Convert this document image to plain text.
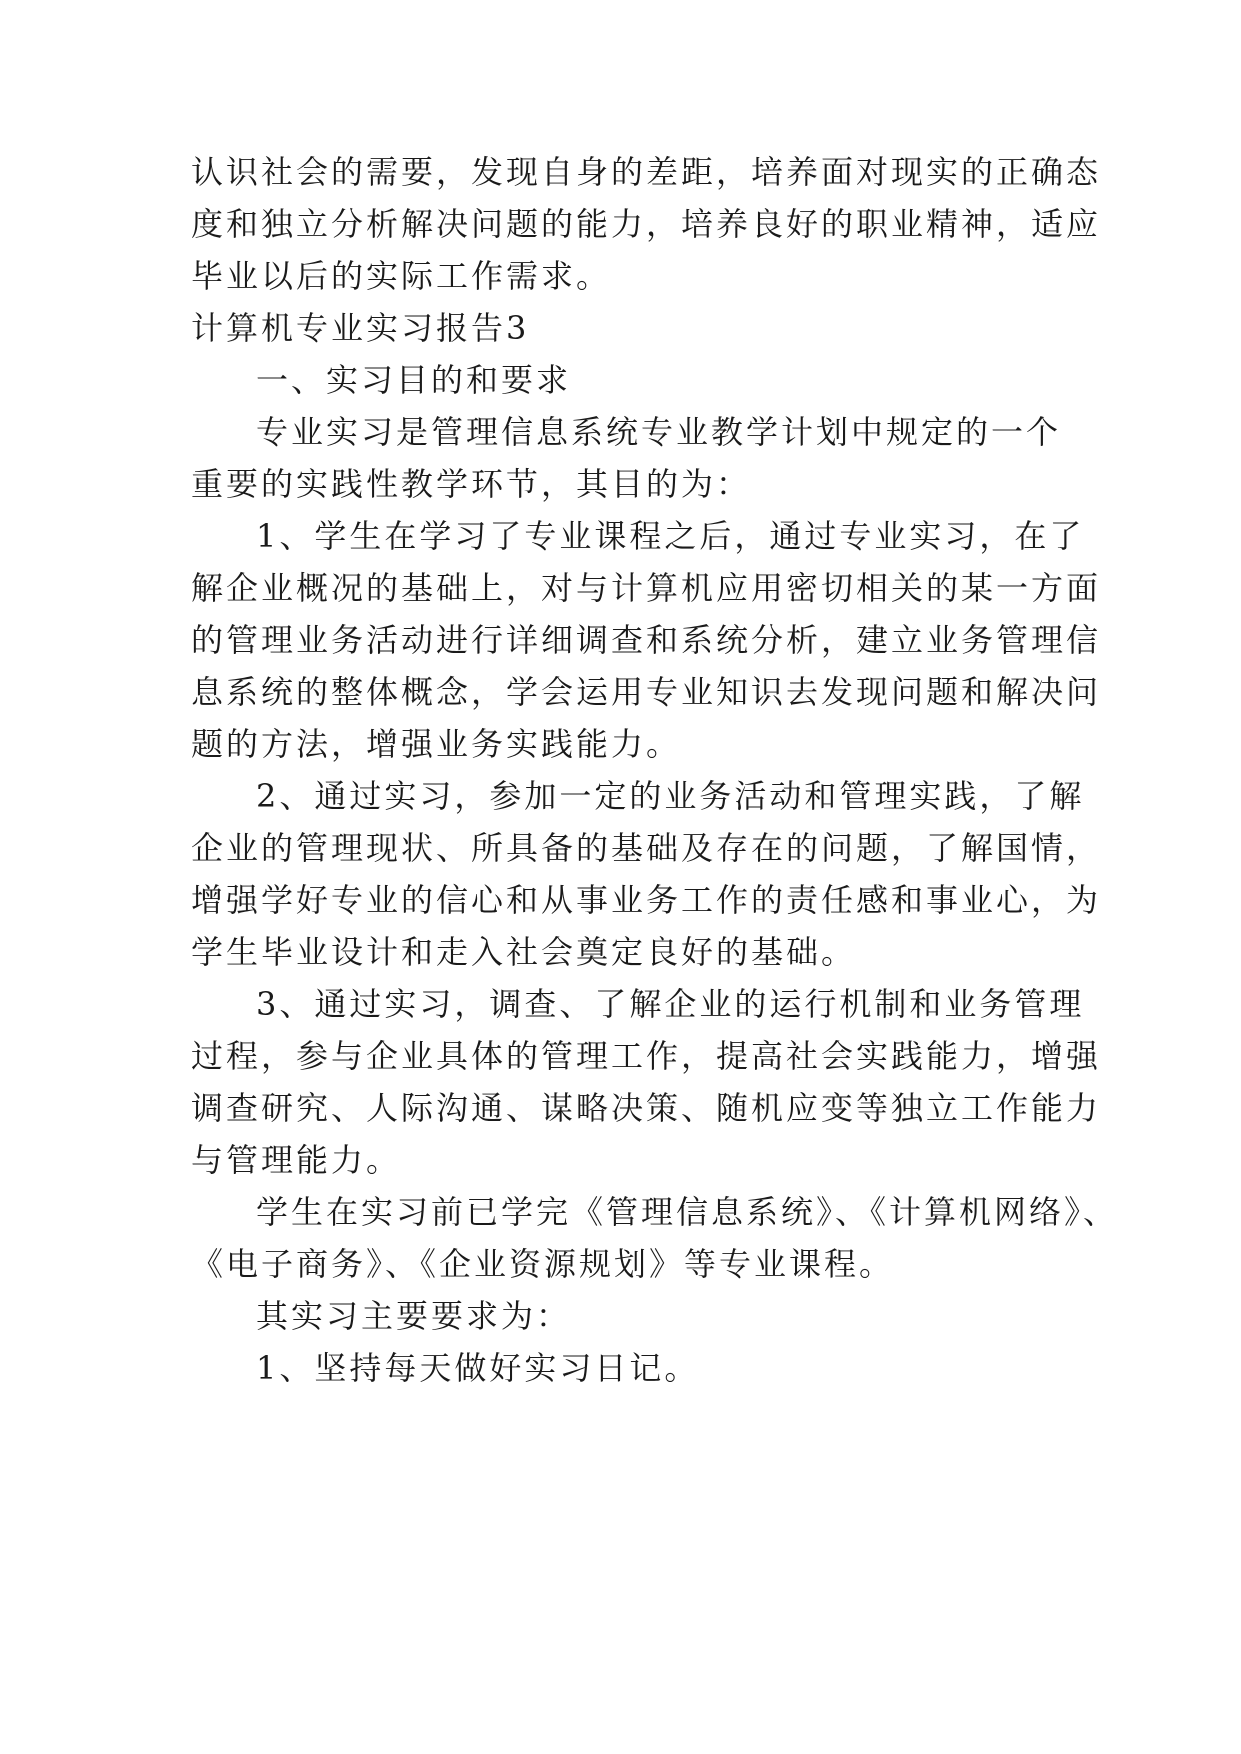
认识社会的需要，发现自身的差距，培养面对现实的正确态
度和独立分析解决问题的能力，培养良好的职业精神，适应
毕业以后的实际工作需求。
计算机专业实习报告3
一、实习目的和要求
专业实习是管理信息系统专业教学计划中规定的一个
重要的实践性教学环节，其目的为：
1、学生在学习了专业课程之后，通过专业实习，在了
解企业概况的基础上，对与计算机应用密切相关的某一方面
的管理业务活动进行详细调查和系统分析，建立业务管理信
息系统的整体概念，学会运用专业知识去发现问题和解决问
题的方法，增强业务实践能力。
2、通过实习，参加一定的业务活动和管理实践，了解
企业的管理现状、所具备的基础及存在的问题，了解国情，
增强学好专业的信心和从事业务工作的责任感和事业心，为
学生毕业设计和走入社会奠定良好的基础。
3、通过实习，调查、了解企业的运行机制和业务管理
过程，参与企业具体的管理工作，提高社会实践能力，增强
调查研究、人际沟通、谋略决策、随机应变等独立工作能力
与管理能力。
学生在实习前已学完《管理信息系统》、《计算机网络》、
《电子商务》、《企业资源规划》等专业课程。
其实习主要要求为：
1、坚持每天做好实习日记。
